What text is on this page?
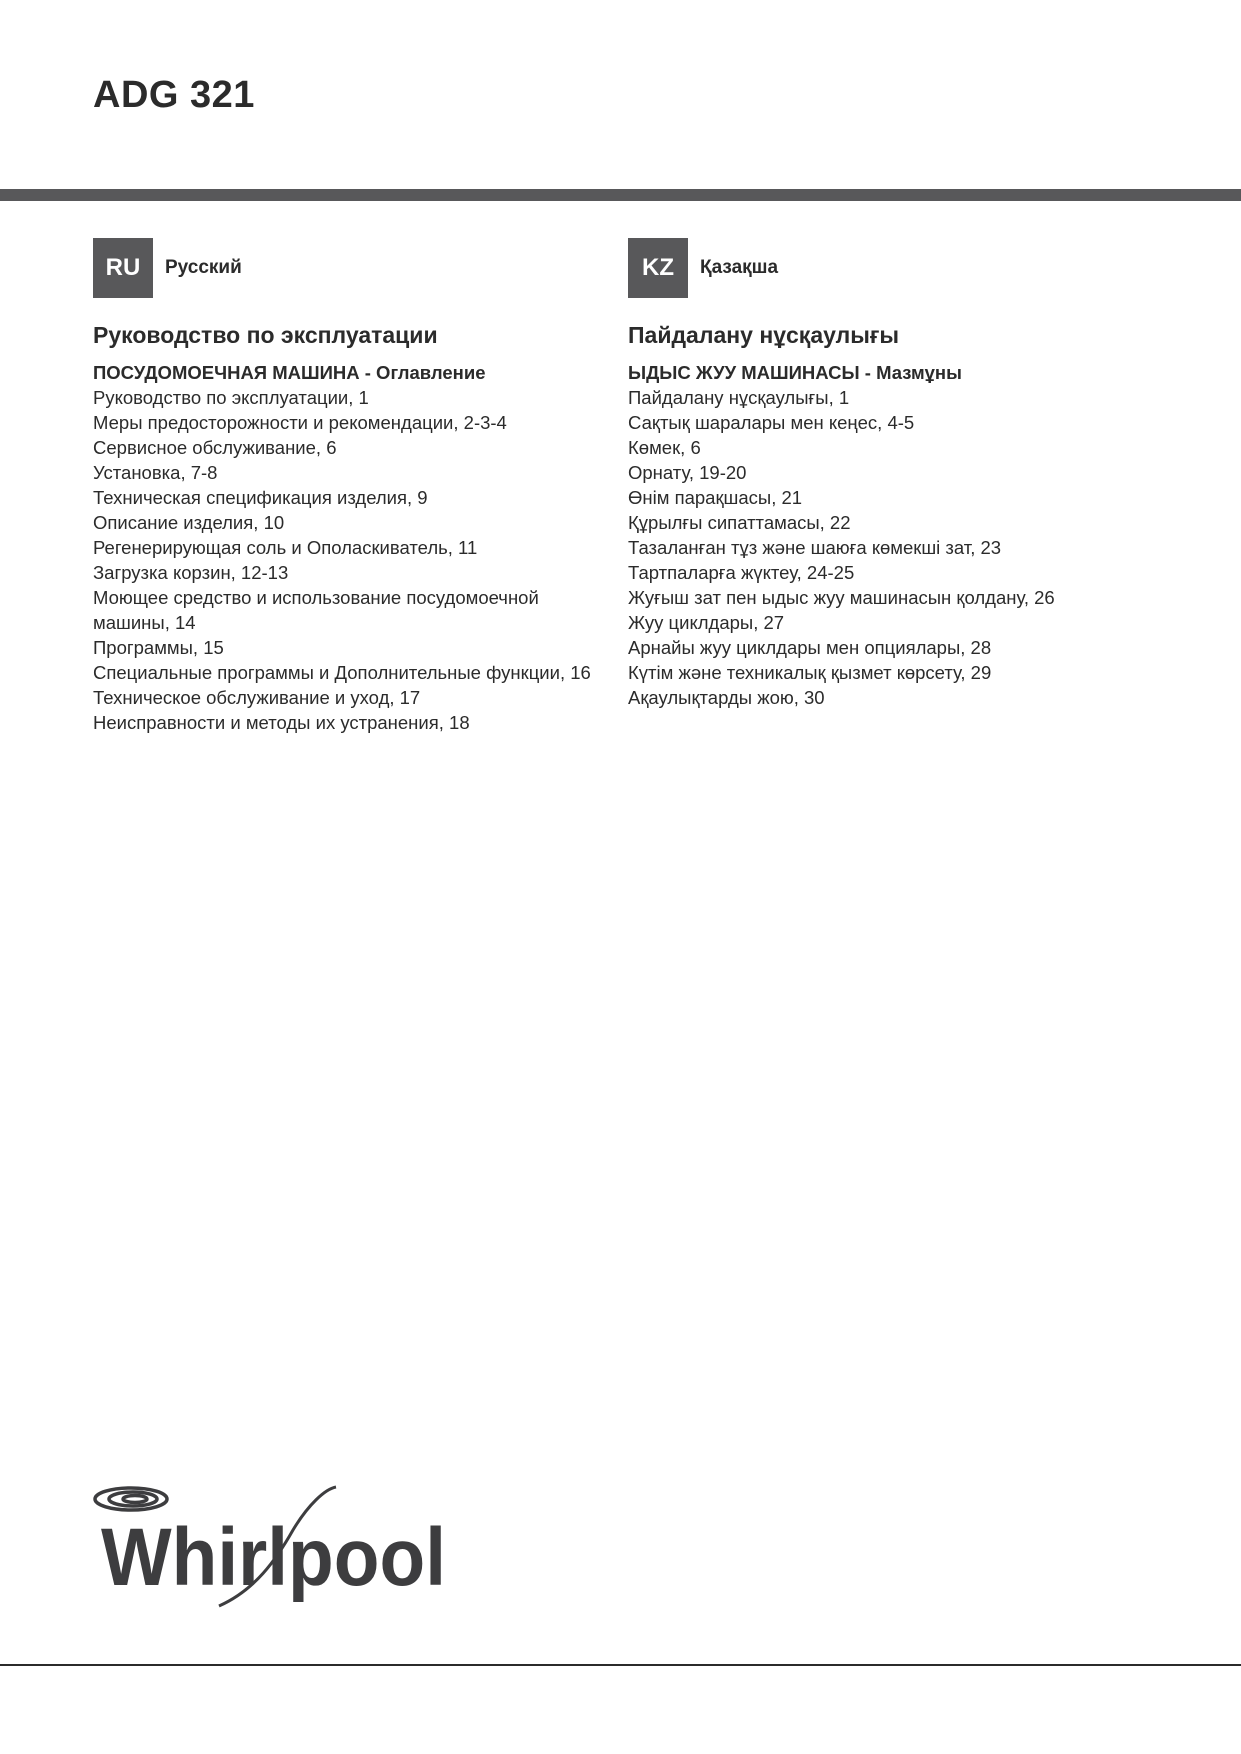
ADG 321
RU	Русский
Руководство по эксплуатации
ПОСУДОМОЕЧНАЯ МАШИНА - Оглавление
Руководство по эксплуатации, 1
Меры предосторожности и рекомендации, 2-3-4
Сервисное обслуживание, 6
Установка, 7-8
Техническая спецификация изделия, 9
Описание изделия, 10
Регенерирующая соль и Ополаскиватель, 11
Загрузка корзин, 12-13
Моющее средство и использование посудомоечной машины, 14
Программы, 15
Специальные программы и Дополнительные функции, 16
Техническое обслуживание и уход, 17
Неисправности и методы их устранения, 18
KZ	Қазақша
Пайдалану нұсқаулығы
ЫДЫС ЖУУ МАШИНАСЫ - Мазмұны
Пайдалану нұсқаулығы, 1
Сақтық шаралары мен кеңес, 4-5
Көмек, 6
Орнату, 19-20
Өнім парақшасы, 21
Құрылғы сипаттамасы, 22
Тазаланған тұз және шаюға көмекші зат, 23
Тартпаларға жүктеу, 24-25
Жуғыш зат пен ыдыс жуу машинасын қолдану, 26
Жуу циклдары, 27
Арнайы жуу циклдары мен опциялары, 28
Күтім және техникалық қызмет көрсету, 29
Ақаулықтарды жою, 30
Whirlpool
